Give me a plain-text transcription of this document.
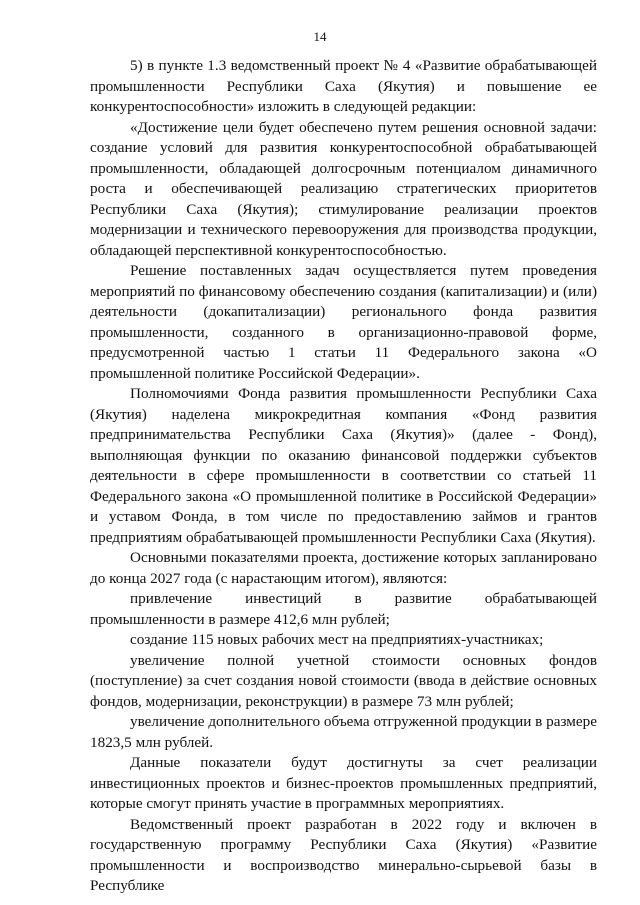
14

5) в пункте 1.3 ведомственный проект № 4 «Развитие обрабатывающей промышленности Республики Саха (Якутия) и повышение ее конкурентоспособности» изложить в следующей редакции:

«Достижение цели будет обеспечено путем решения основной задачи: создание условий для развития конкурентоспособной обрабатывающей промышленности, обладающей долгосрочным потенциалом динамичного роста и обеспечивающей реализацию стратегических приоритетов Республики Саха (Якутия); стимулирование реализации проектов модернизации и технического перевооружения для производства продукции, обладающей перспективной конкурентоспособностью.

Решение поставленных задач осуществляется путем проведения мероприятий по финансовому обеспечению создания (капитализации) и (или) деятельности (докапитализации) регионального фонда развития промышленности, созданного в организационно-правовой форме, предусмотренной частью 1 статьи 11 Федерального закона «О промышленной политике Российской Федерации».

Полномочиями Фонда развития промышленности Республики Саха (Якутия) наделена микрокредитная компания «Фонд развития предпринимательства Республики Саха (Якутия)» (далее - Фонд), выполняющая функции по оказанию финансовой поддержки субъектов деятельности в сфере промышленности в соответствии со статьей 11 Федерального закона «О промышленной политике в Российской Федерации» и уставом Фонда, в том числе по предоставлению займов и грантов предприятиям обрабатывающей промышленности Республики Саха (Якутия).

Основными показателями проекта, достижение которых запланировано до конца 2027 года (с нарастающим итогом), являются:

привлечение инвестиций в развитие обрабатывающей промышленности в размере 412,6 млн рублей;

создание 115 новых рабочих мест на предприятиях-участниках;

увеличение полной учетной стоимости основных фондов (поступление) за счет создания новой стоимости (ввода в действие основных фондов, модернизации, реконструкции) в размере 73 млн рублей;

увеличение дополнительного объема отгруженной продукции в размере 1823,5 млн рублей.

Данные показатели будут достигнуты за счет реализации инвестиционных проектов и бизнес-проектов промышленных предприятий, которые смогут принять участие в программных мероприятиях.

Ведомственный проект разработан в 2022 году и включен в государственную программу Республики Саха (Якутия) «Развитие промышленности и воспроизводство минерально-сырьевой базы в Республике
